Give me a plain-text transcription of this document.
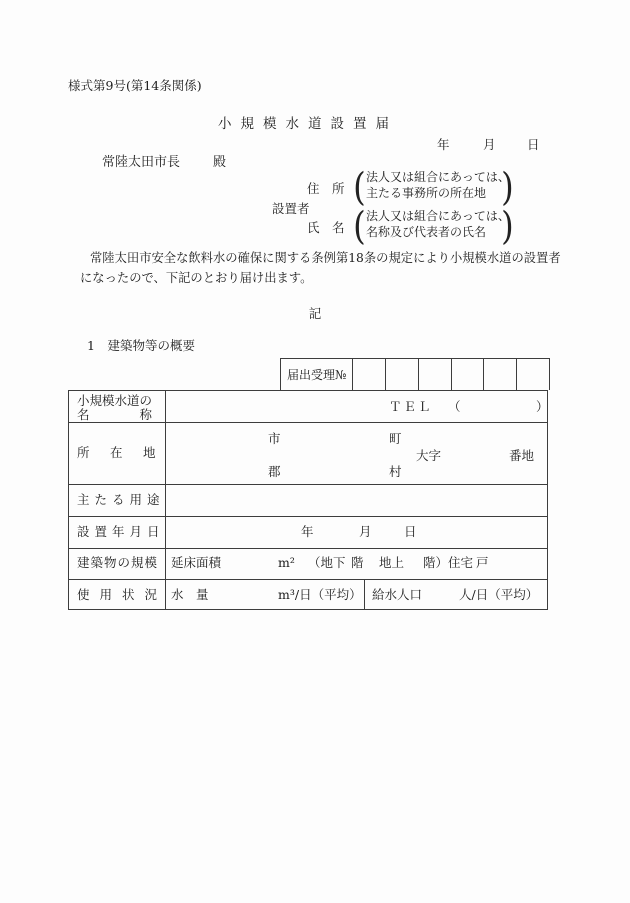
様式第9号(第14条関係)
小規模水道設置届
年	月	日
常陸太田市長	殿
設置者
住　所
氏　名
( 法人又は組合にあっては、
主たる事務所の所在地 )
( 法人又は組合にあっては、
名称及び代表者の氏名 )
常陸太田市安全な飲料水の確保に関する条例第18条の規定により小規模水道の設置者
になったので、下記のとおり届け出ます。
記
1　建築物等の概要
届出受理№
小規模水道の
名　　　　称
ＴＥＬ （	）
所　在　地
市	町
大字	番地
郡	村
主たる用途
設置年月日	年	月	日
建築物の規模 延床面積	m² （地下 階 地上 階）住宅 戸
使用状況 水　量	m³/日（平均） 給水人口	人/日（平均）
